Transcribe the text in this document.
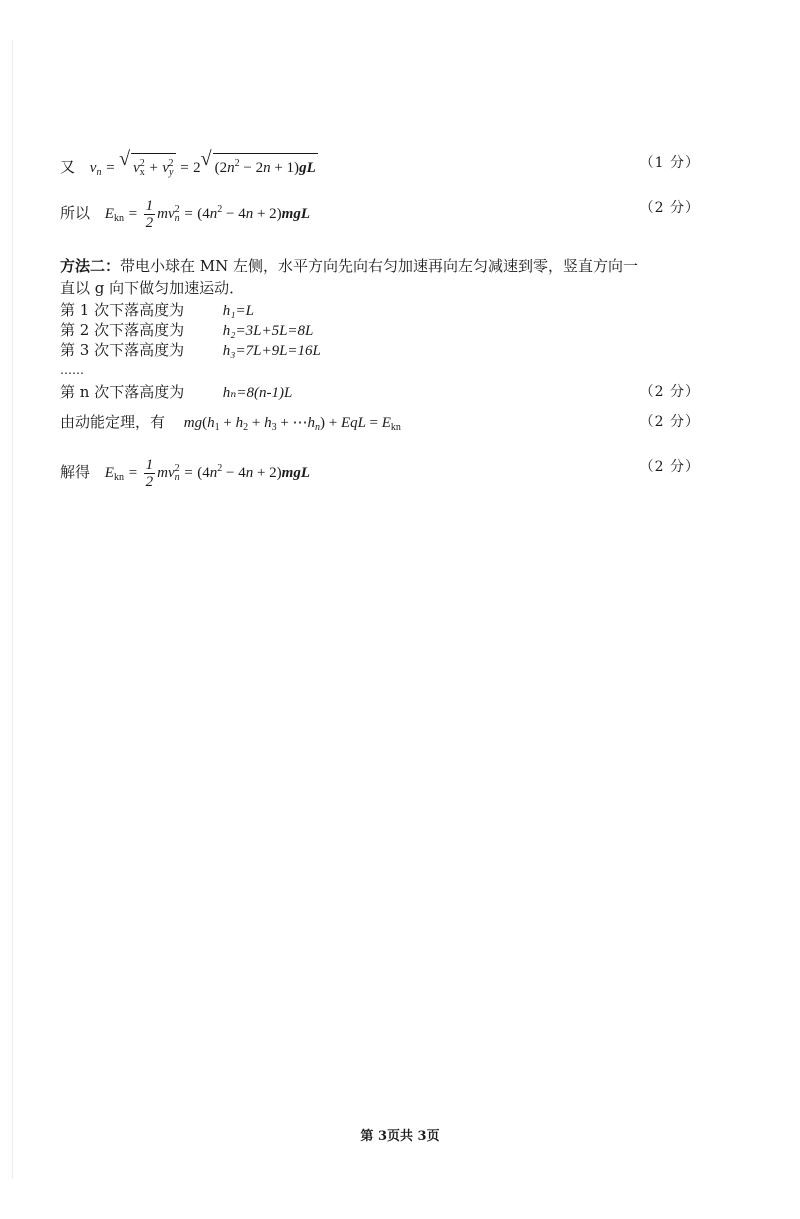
又 $v_n$ = √ $v_x^2 + v_y^2 = 2√$ $(2n^2 - 2n + 1)gL$	（1 分）
所以 $E_{kn} = \frac{1}{2} mv_n^2 = (4n^2 - 4n + 2)mgL$	（2 分）
方法二：带电小球在 MN 左侧，水平方向先向右匀加速再向左匀减速到零，竖直方向一
直以 g 向下做匀加速运动．
第 1 次下落高度为	h₁=L
第 2 次下落高度为	h₂=3L+5L=8L
第 3 次下落高度为	h₃=7L+9L=16L
……
第 n 次下落高度为	hₙ=8(n-1)L	（2 分）
由动能定理，有 $mg(h_1 + h_2 + h_3$ + $\cdots h_n$) + EqL = $E_{kn}$	（2 分）
解得 $E_{kn} = \frac{1}{2} mv_n^2 = (4n^2 - 4n + 2)mgL$	（2 分）
第 3页共 3页
